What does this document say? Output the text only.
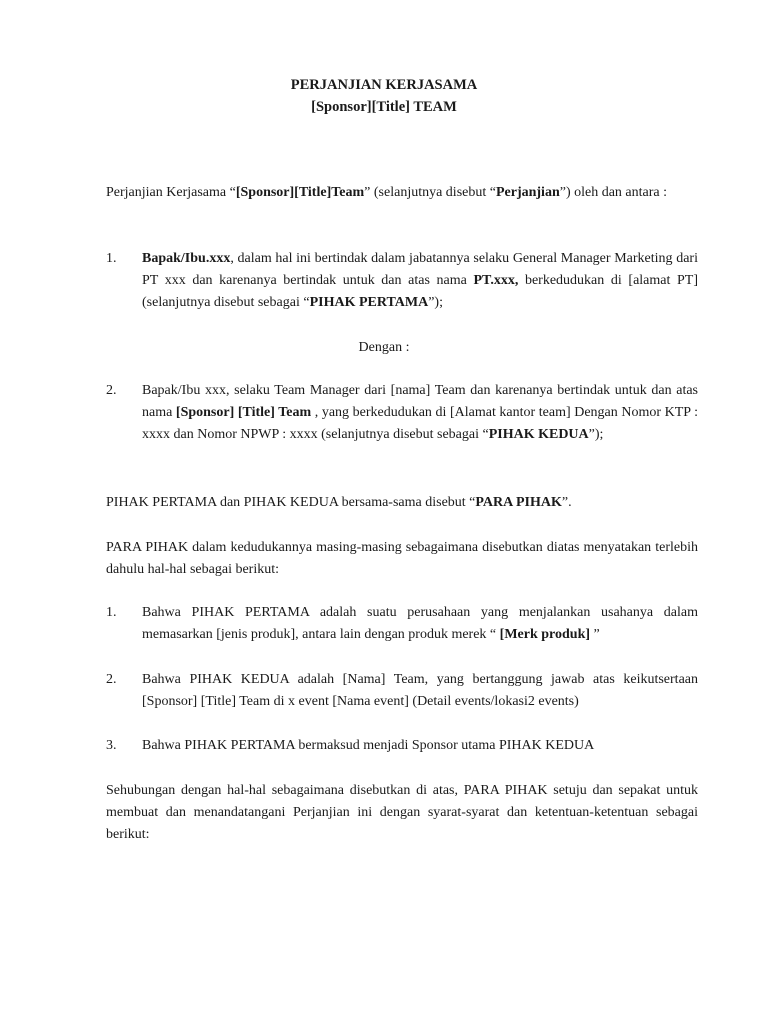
PERJANJIAN KERJASAMA
[Sponsor][Title] TEAM
Perjanjian Kerjasama “[Sponsor][Title]Team” (selanjutnya disebut “Perjanjian”) oleh dan antara :
1.	Bapak/Ibu.xxx, dalam hal ini bertindak dalam jabatannya selaku General Manager Marketing dari PT xxx dan karenanya bertindak untuk dan atas nama PT.xxx, berkedudukan di [alamat PT] (selanjutnya disebut sebagai “PIHAK PERTAMA”);
Dengan :
2.	Bapak/Ibu xxx, selaku Team Manager dari [nama] Team dan karenanya bertindak untuk dan atas nama [Sponsor] [Title] Team , yang berkedudukan di [Alamat kantor team] Dengan Nomor KTP : xxxx dan Nomor NPWP : xxxx (selanjutnya disebut sebagai “PIHAK KEDUA”);
PIHAK PERTAMA dan PIHAK KEDUA bersama-sama disebut “PARA PIHAK”.
PARA PIHAK dalam kedudukannya masing-masing sebagaimana disebutkan diatas menyatakan terlebih dahulu hal-hal sebagai berikut:
1.	Bahwa PIHAK PERTAMA adalah suatu perusahaan yang menjalankan usahanya dalam memasarkan [jenis produk], antara lain dengan produk merek “ [Merk produk] ”
2.	Bahwa PIHAK KEDUA adalah [Nama] Team, yang bertanggung jawab atas keikutsertaan [Sponsor] [Title] Team di x event [Nama event] (Detail events/lokasi2 events)
3.	Bahwa PIHAK PERTAMA bermaksud menjadi Sponsor utama PIHAK KEDUA
Sehubungan dengan hal-hal sebagaimana disebutkan di atas, PARA PIHAK setuju dan sepakat untuk membuat dan menandatangani Perjanjian ini dengan syarat-syarat dan ketentuan-ketentuan sebagai berikut:
